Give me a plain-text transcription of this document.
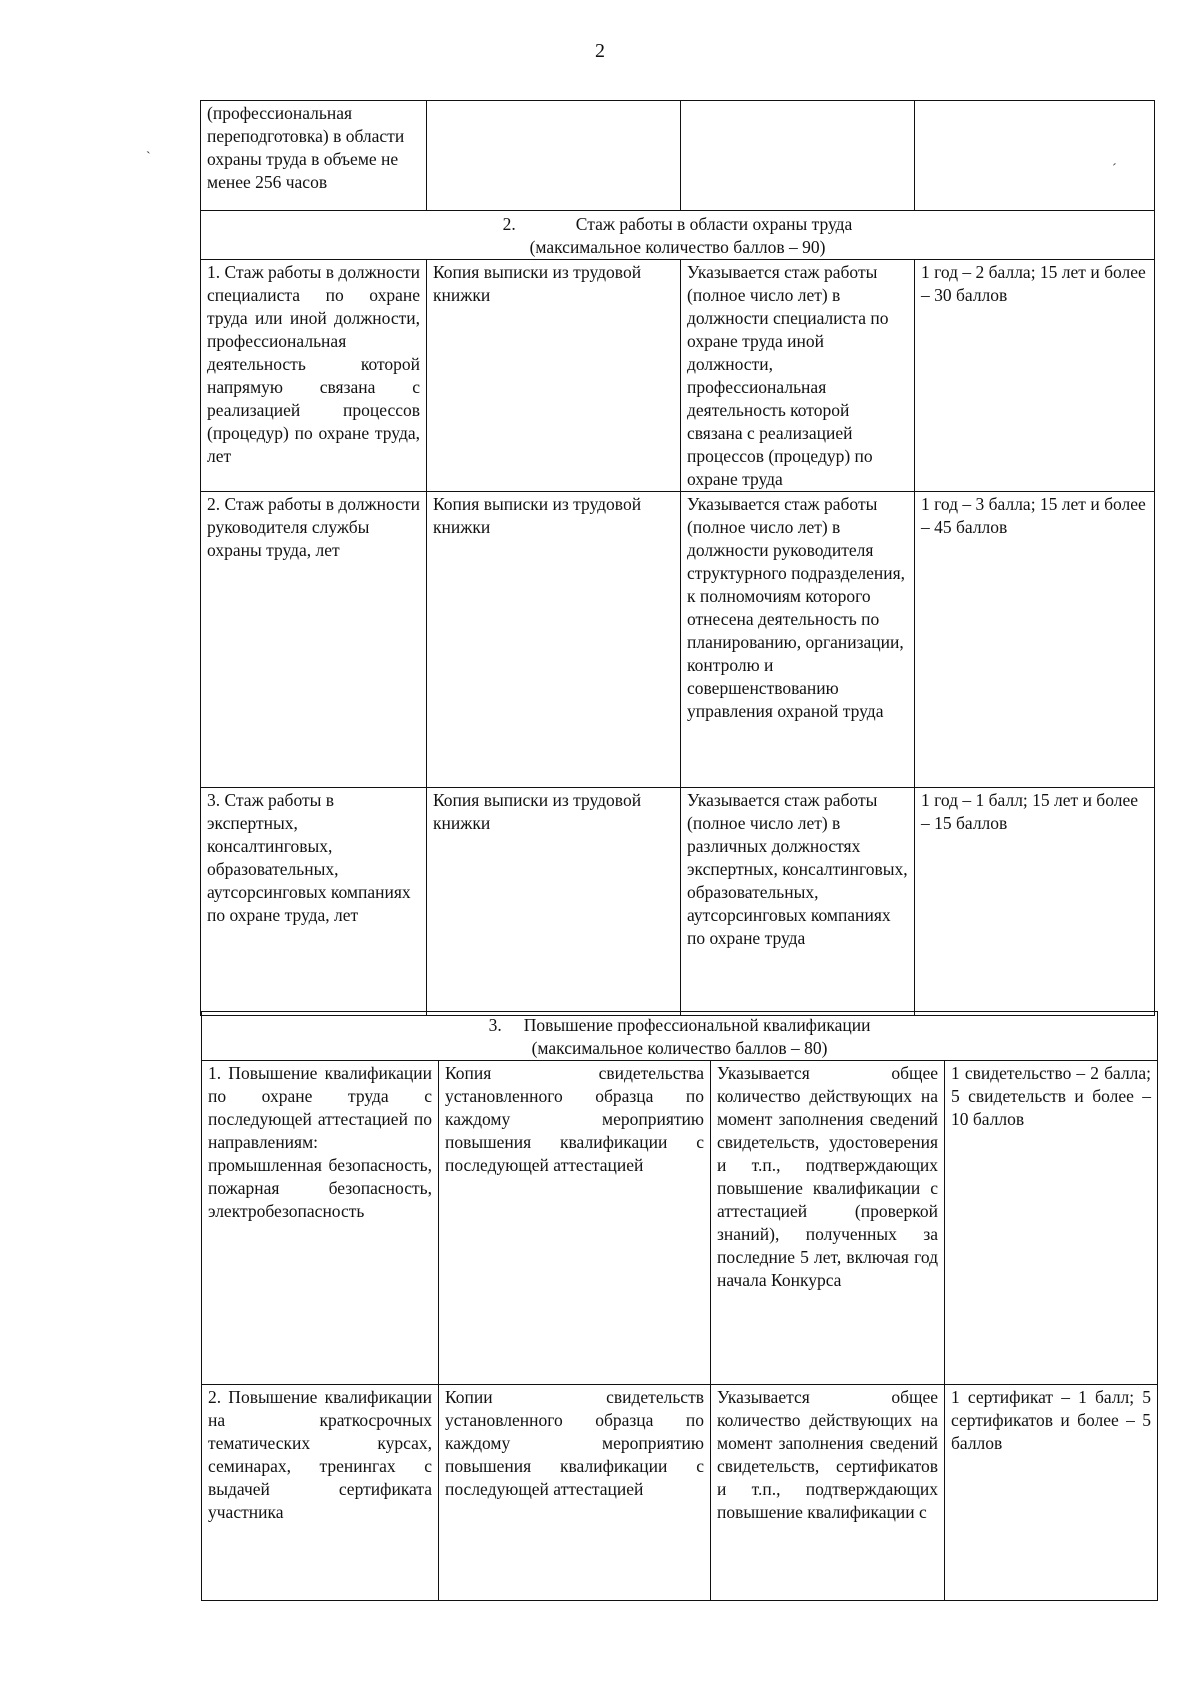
2
ˋ
ˊ
(профессиональная переподготовка) в области охраны труда в объеме не менее 256 часов			

2. Стаж работы в области охраны труда
(максимальное количество баллов – 90)			

1. Стаж работы в должности специалиста по охране труда или иной должности, профессиональная деятельность которой напрямую связана с реализацией процессов (процедур) по охране труда, лет	Копия выписки из трудовой книжки	Указывается стаж работы (полное число лет) в должности специалиста по охране труда иной должности, профессиональная деятельность которой связана с реализацией процессов (процедур) по охране труда	1 год – 2 балла; 15 лет и более – 30 баллов
2. Стаж работы в должности руководителя службы охраны труда, лет	Копия выписки из трудовой книжки	Указывается стаж работы (полное число лет) в должности руководителя структурного подразделения, к полномочиям которого отнесена деятельность по планированию, организации, контролю и совершенствованию управления охраной труда	1 год – 3 балла; 15 лет и более – 45 баллов
3. Стаж работы в экспертных, консалтинговых, образовательных, аутсорсинговых компаниях по охране труда, лет	Копия выписки из трудовой книжки	Указывается стаж работы (полное число лет) в различных должностях экспертных, консалтинговых, образовательных, аутсорсинговых компаниях по охране труда	1 год – 1 балл; 15 лет и более – 15 баллов
3. Повышение профессиональной квалификации
(максимальное количество баллов – 80)			

1. Повышение квалификации по охране труда с последующей аттестацией по направлениям: промышленная безопасность, пожарная безопасность, электробезопасность	Копия свидетельства установленного образца по каждому мероприятию повышения квалификации с последующей аттестацией	Указывается общее количество действующих на момент заполнения сведений свидетельств, удостоверения и т.п., подтверждающих повышение квалификации с аттестацией (проверкой знаний), полученных за последние 5 лет, включая год начала Конкурса	1 свидетельство – 2 балла; 5 свидетельств и более – 10 баллов
2. Повышение квалификации на краткосрочных тематических курсах, семинарах, тренингах с выдачей сертификата участника	Копии свидетельств установленного образца по каждому мероприятию повышения квалификации с последующей аттестацией	Указывается общее количество действующих на момент заполнения сведений свидетельств, сертификатов и т.п., подтверждающих повышение квалификации с	1 сертификат – 1 балл; 5 сертификатов и более – 5 баллов
